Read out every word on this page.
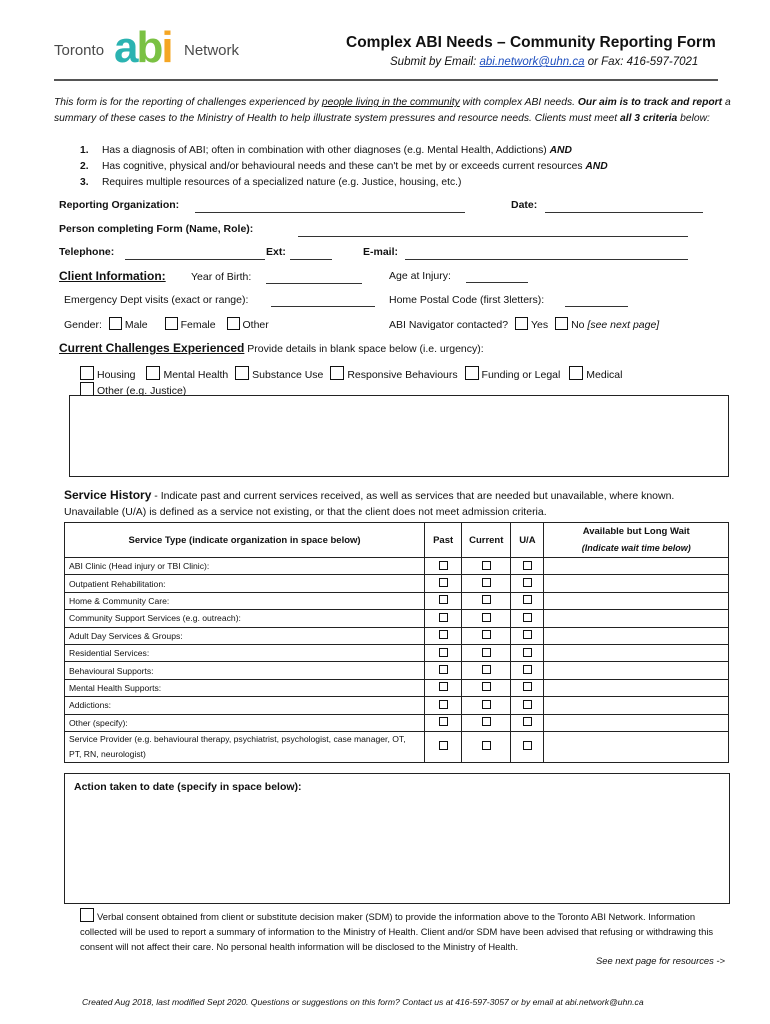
Toronto abi Network	Complex ABI Needs – Community Reporting Form
Submit by Email: abi.network@uhn.ca or Fax: 416-597-7021
This form is for the reporting of challenges experienced by people living in the community with complex ABI needs. Our aim is to track and report a summary of these cases to the Ministry of Health to help illustrate system pressures and resource needs. Clients must meet all 3 criteria below:
1. Has a diagnosis of ABI; often in combination with other diagnoses (e.g. Mental Health, Addictions) AND
2. Has cognitive, physical and/or behavioural needs and these can't be met by or exceeds current resources AND
3. Requires multiple resources of a specialized nature (e.g. Justice, housing, etc.)
Reporting Organization:	Date:
Person completing Form (Name, Role):
Telephone:	Ext:	E-mail:
Client Information: Year of Birth:	Age at Injury:
Emergency Dept visits (exact or range):	Home Postal Code (first 3letters):
Gender: Male	Female	Other	ABI Navigator contacted? Yes No [see next page]
Current Challenges Experienced Provide details in blank space below (i.e. urgency):
Housing	Mental Health Substance Use Responsive Behaviours Funding or Legal Medical
Other (e.g. Justice)
Service History - Indicate past and current services received, as well as services that are needed but unavailable, where known.
Unavailable (U/A) is defined as a service not existing, or that the client does not meet admission criteria.
Service Type (indicate organization in space below)	Past	Current	U/A	Available but Long Wait
(Indicate wait time below)

ABI Clinic (Head injury or TBI Clinic):				
Outpatient Rehabilitation:				
Home & Community Care:				
Community Support Services (e.g. outreach):				
Adult Day Services & Groups:				
Residential Services:				
Behavioural Supports:				
Mental Health Supports:				
Addictions:				
Other (specify):				
Service Provider (e.g. behavioural therapy, psychiatrist, psychologist, case manager, OT, PT, RN, neurologist)				
Action taken to date (specify in space below):
Verbal consent obtained from client or substitute decision maker (SDM) to provide the information above to the Toronto ABI Network. Information collected will be used to report a summary of information to the Ministry of Health. Client and/or SDM have been advised that refusing or withdrawing this consent will not affect their care. No personal health information will be disclosed to the Ministry of Health.
See next page for resources ->
Created Aug 2018, last modified Sept 2020. Questions or suggestions on this form? Contact us at 416-597-3057 or by email at abi.network@uhn.ca
